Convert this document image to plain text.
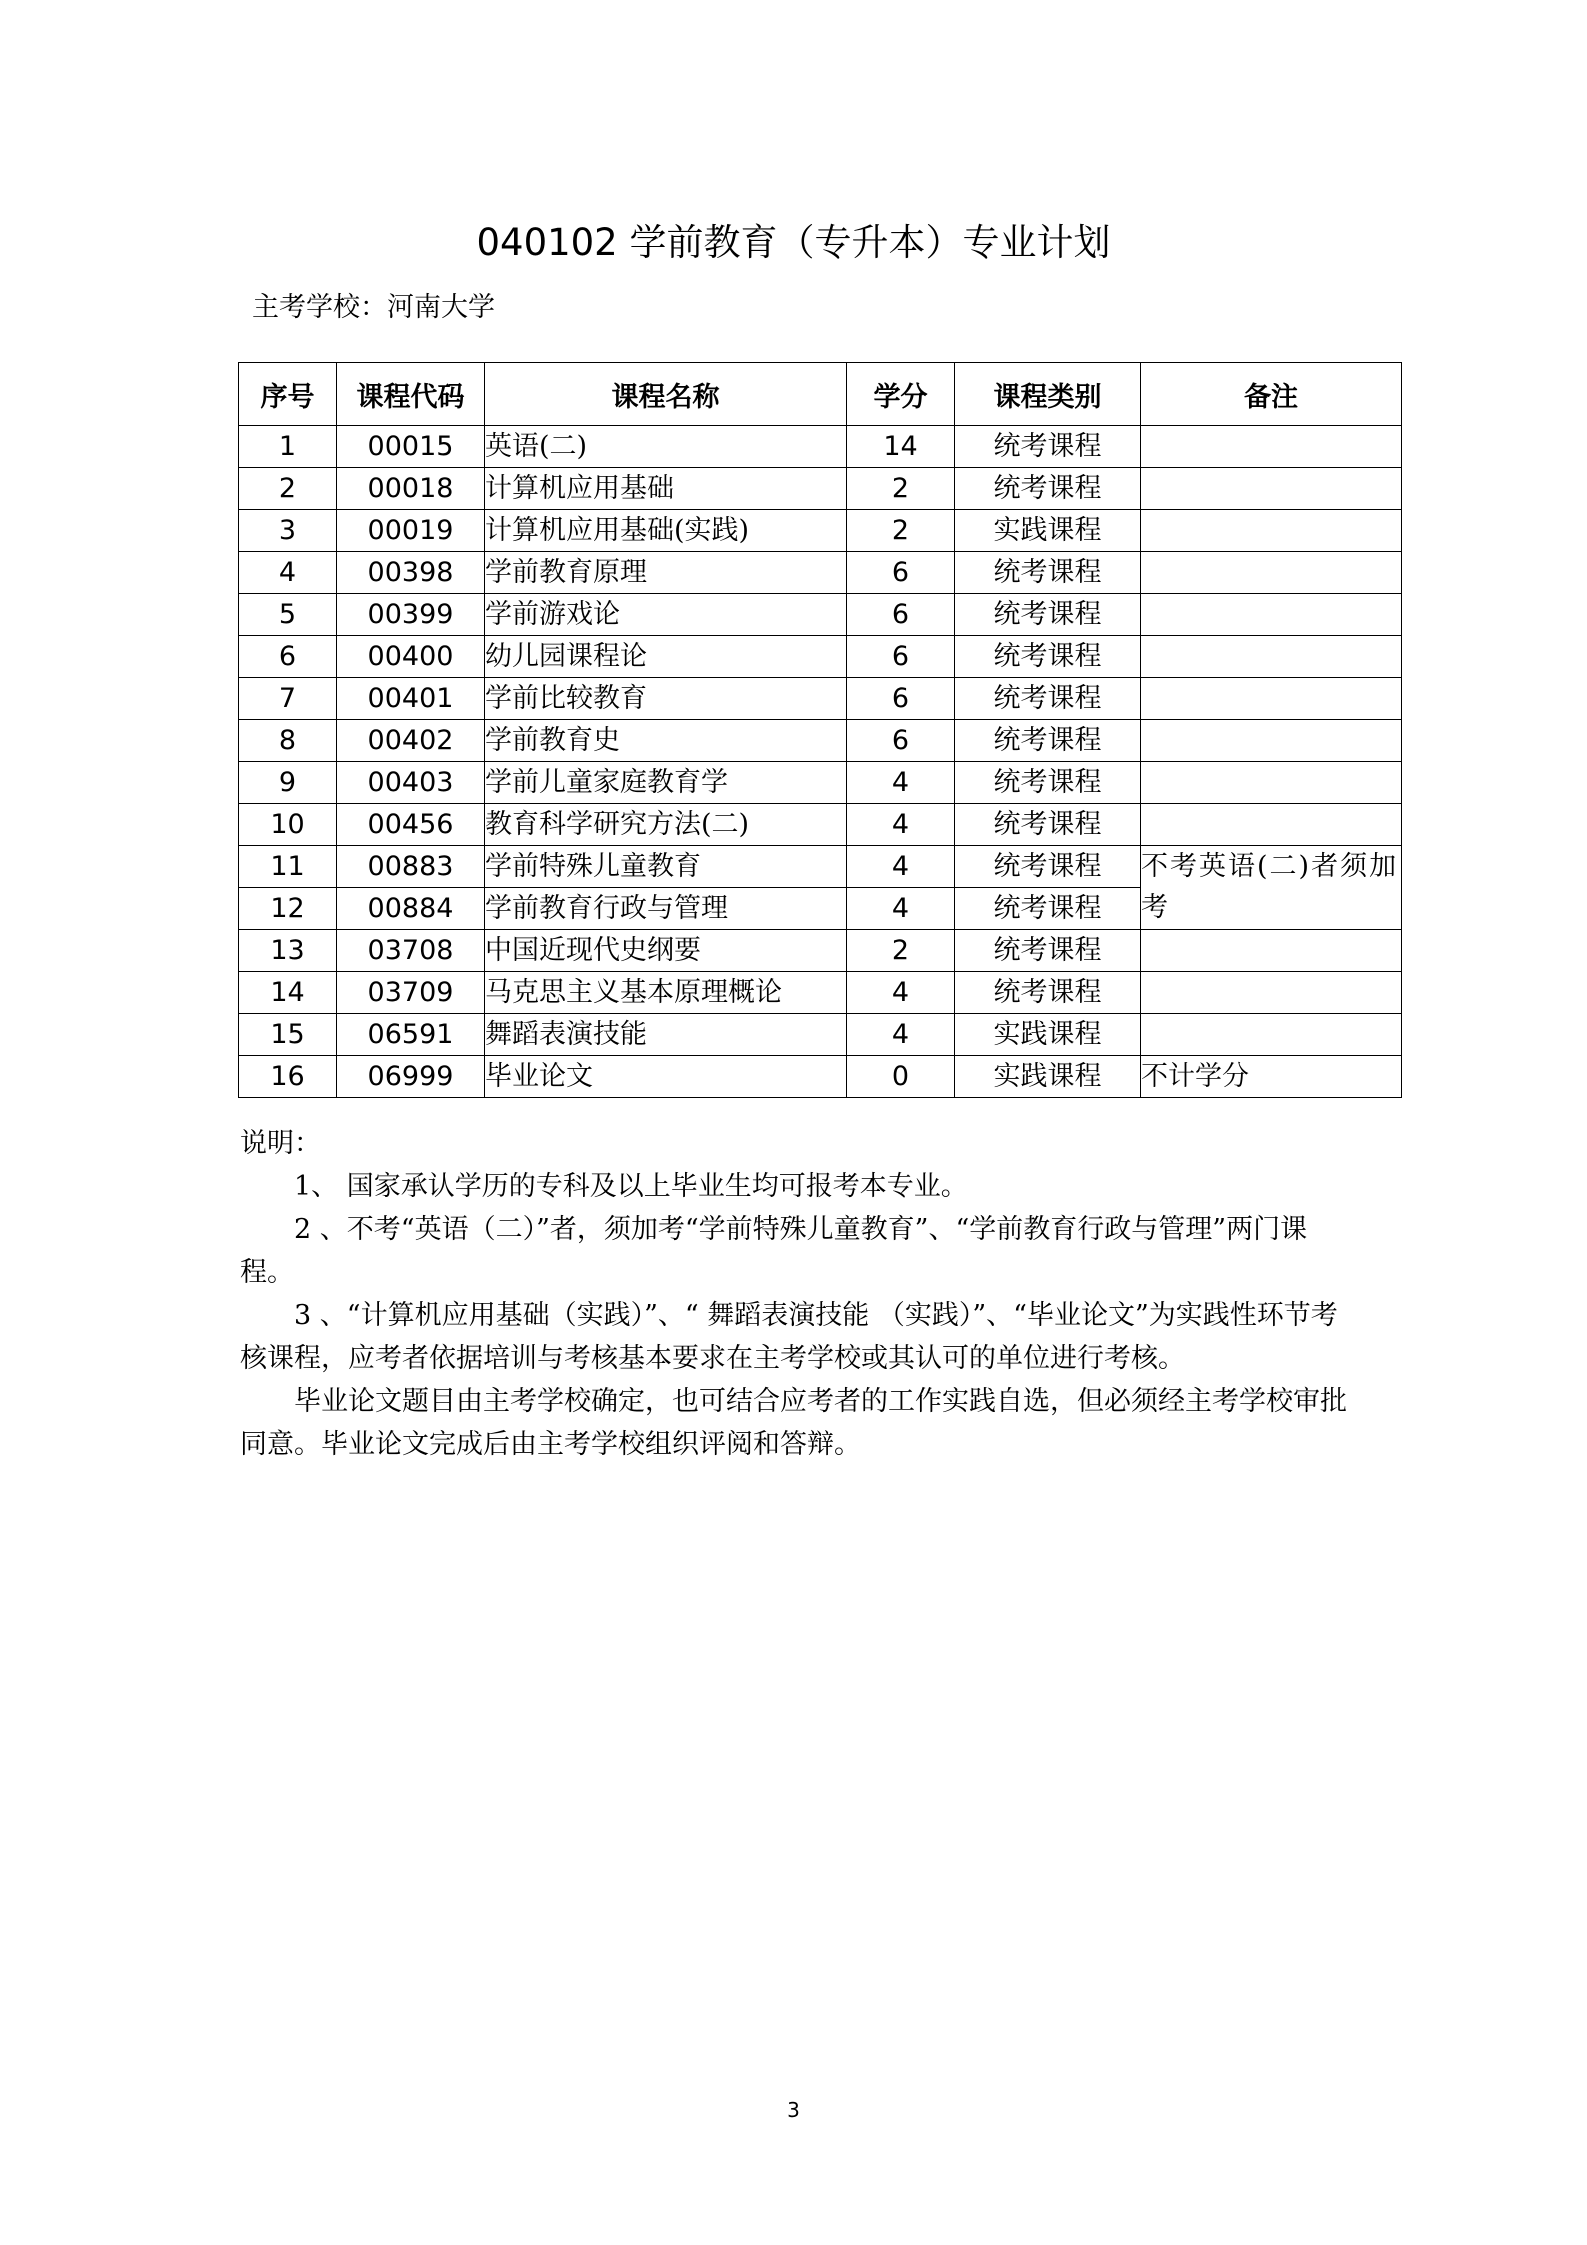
040102 学前教育（专升本）专业计划
主考学校：河南大学
序号	课程代码	课程名称	学分	课程类别	备注
1	00015	英语(二)	14	统考课程	
2	00018	计算机应用基础	2	统考课程	
3	00019	计算机应用基础(实践)	2	实践课程	
4	00398	学前教育原理	6	统考课程	
5	00399	学前游戏论	6	统考课程	
6	00400	幼儿园课程论	6	统考课程	
7	00401	学前比较教育	6	统考课程	
8	00402	学前教育史	6	统考课程	
9	00403	学前儿童家庭教育学	4	统考课程	
10	00456	教育科学研究方法(二)	4	统考课程	
11	00883	学前特殊儿童教育	4	统考课程	不考英语(二)者须加考
12	00884	学前教育行政与管理	4	统考课程	
13	03708	中国近现代史纲要	2	统考课程	
14	03709	马克思主义基本原理概论	4	统考课程	
15	06591	舞蹈表演技能	4	实践课程	
16	06999	毕业论文	0	实践课程	不计学分

说明：

1、 国家承认学历的专科及以上毕业生均可报考本专业。

2 、不考“英语（二）”者，须加考“学前特殊儿童教育”、“学前教育行政与管理”两门课程。

3 、“计算机应用基础（实践）”、“ 舞蹈表演技能 （实践）”、“毕业论文”为实践性环节考核课程，应考者依据培训与考核基本要求在主考学校或其认可的单位进行考核。

毕业论文题目由主考学校确定，也可结合应考者的工作实践自选，但必须经主考学校审批同意。毕业论文完成后由主考学校组织评阅和答辩。

3
